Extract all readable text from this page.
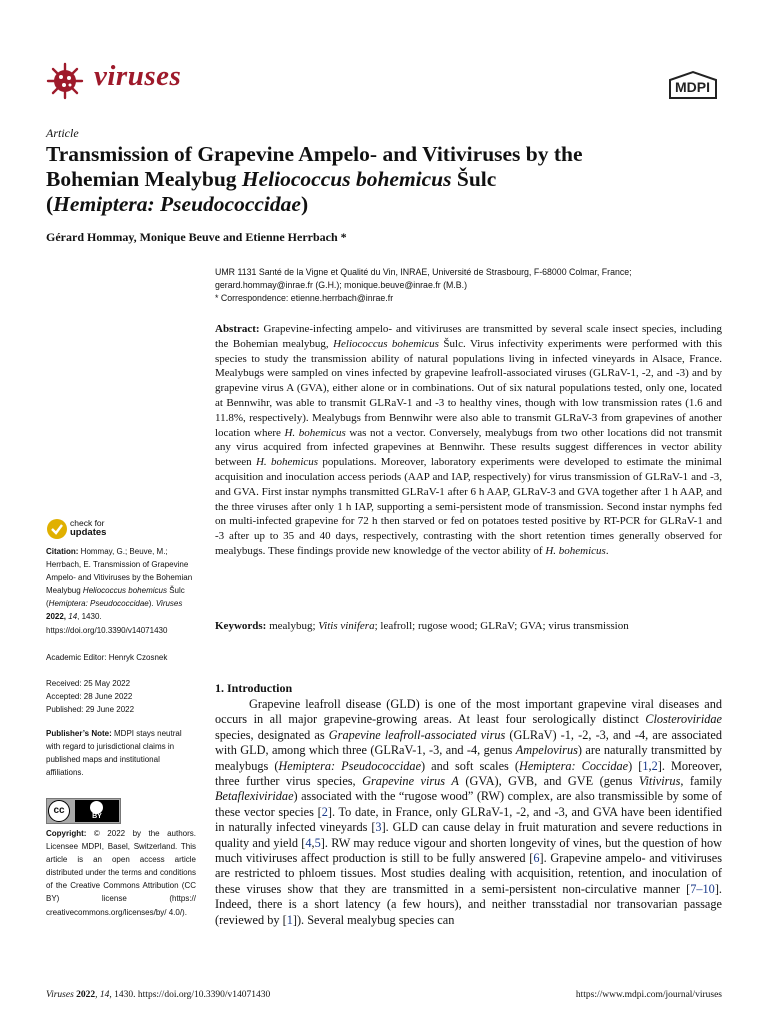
viruses	MDPI
Article
Transmission of Grapevine Ampelo- and Vitiviruses by the
Bohemian Mealybug Heliococcus bohemicus Šulc
(Hemiptera: Pseudococcidae)
Gérard Hommay, Monique Beuve and Etienne Herrbach *
UMR 1131 Santé de la Vigne et Qualité du Vin, INRAE, Université de Strasbourg, F-68000 Colmar, France;
gerard.hommay@inrae.fr (G.H.); monique.beuve@inrae.fr (M.B.)
* Correspondence: etienne.herrbach@inrae.fr
Abstract: Grapevine-infecting ampelo- and vitiviruses are transmitted by several scale insect species, including the Bohemian mealybug, Heliococcus bohemicus Šulc. Virus infectivity experiments were performed with this species to study the transmission ability of natural populations living in infected vineyards in Alsace, France. Mealybugs were sampled on vines infected by grapevine leafroll-associated viruses (GLRaV-1, -2, and -3) and by grapevine virus A (GVA), either alone or in combinations. Out of six natural populations tested, only one, located at Bennwihr, was able to transmit GLRaV-1 and -3 to healthy vines, though with low transmission rates (1.6 and 11.8%, respectively). Mealybugs from Bennwihr were also able to transmit GLRaV-3 from grapevines of another location where H. bohemicus was not a vector. Conversely, mealybugs from two other locations did not transmit any virus acquired from infected grapevines at Bennwihr. These results suggest differences in vector ability between H. bohemicus populations. Moreover, laboratory experiments were developed to estimate the minimal acquisition and inoculation access periods (AAP and IAP, respectively) for virus transmission of GLRaV-1 and -3, and GVA. First instar nymphs transmitted GLRaV-1 after 6 h AAP, GLRaV-3 and GVA together after 1 h AAP, and the three viruses after only 1 h IAP, supporting a semi-persistent mode of transmission. Second instar nymphs fed on multi-infected grapevine for 72 h then starved or fed on potatoes tested positive by RT-PCR for GLRaV-1 and -3 after up to 35 and 40 days, respectively, contrasting with the short retention times generally observed for mealybugs. These findings provide new knowledge of the vector ability of H. bohemicus.
Keywords: mealybug; Vitis vinifera; leafroll; rugose wood; GLRaV; GVA; virus transmission
check for
updates
Citation: Hommay, G.; Beuve, M.; Herrbach, E. Transmission of Grapevine Ampelo- and Vitiviruses by the Bohemian Mealybug Heliococcus bohemicus Šulc (Hemiptera: Pseudococcidae). Viruses 2022, 14, 1430. https://doi.org/10.3390/v14071430
Academic Editor: Henryk Czosnek
Received: 25 May 2022
Accepted: 28 June 2022
Published: 29 June 2022
Publisher’s Note: MDPI stays neutral with regard to jurisdictional claims in published maps and institutional affiliations.
cc
BY
Copyright: © 2022 by the authors. Licensee MDPI, Basel, Switzerland. This article is an open access article distributed under the terms and conditions of the Creative Commons Attribution (CC BY) license (https:// creativecommons.org/licenses/by/ 4.0/).
1. Introduction
Grapevine leafroll disease (GLD) is one of the most important grapevine viral diseases and occurs in all major grapevine-growing areas. At least four serologically distinct Closteroviridae species, designated as Grapevine leafroll-associated virus (GLRaV) -1, -2, -3, and -4, are associated with GLD, among which three (GLRaV-1, -3, and -4, genus Ampelovirus) are naturally transmitted by mealybugs (Hemiptera: Pseudococcidae) and soft scales (Hemiptera: Coccidae) [1,2]. Moreover, three further virus species, Grapevine virus A (GVA), GVB, and GVE (genus Vitivirus, family Betaflexiviridae) associated with the “rugose wood” (RW) complex, are also transmissible by some of these vector species [2]. To date, in France, only GLRaV-1, -2, and -3, and GVA have been identified in naturally infected vineyards [3]. GLD can cause delay in fruit maturation and severe reductions in quality and yield [4,5]. RW may reduce vigour and shorten longevity of vines, but the question of how much vitiviruses affect production is still to be fully answered [6]. Grapevine ampelo- and vitiviruses are restricted to phloem tissues. Most studies dealing with acquisition, retention, and inoculation of these viruses show that they are transmitted in a semi-persistent non-circulative manner [7–10]. Indeed, there is a short latency (a few hours), and neither transstadial nor transovarian passage (reviewed by [1]). Several mealybug species can
Viruses 2022, 14, 1430. https://doi.org/10.3390/v14071430	https://www.mdpi.com/journal/viruses
